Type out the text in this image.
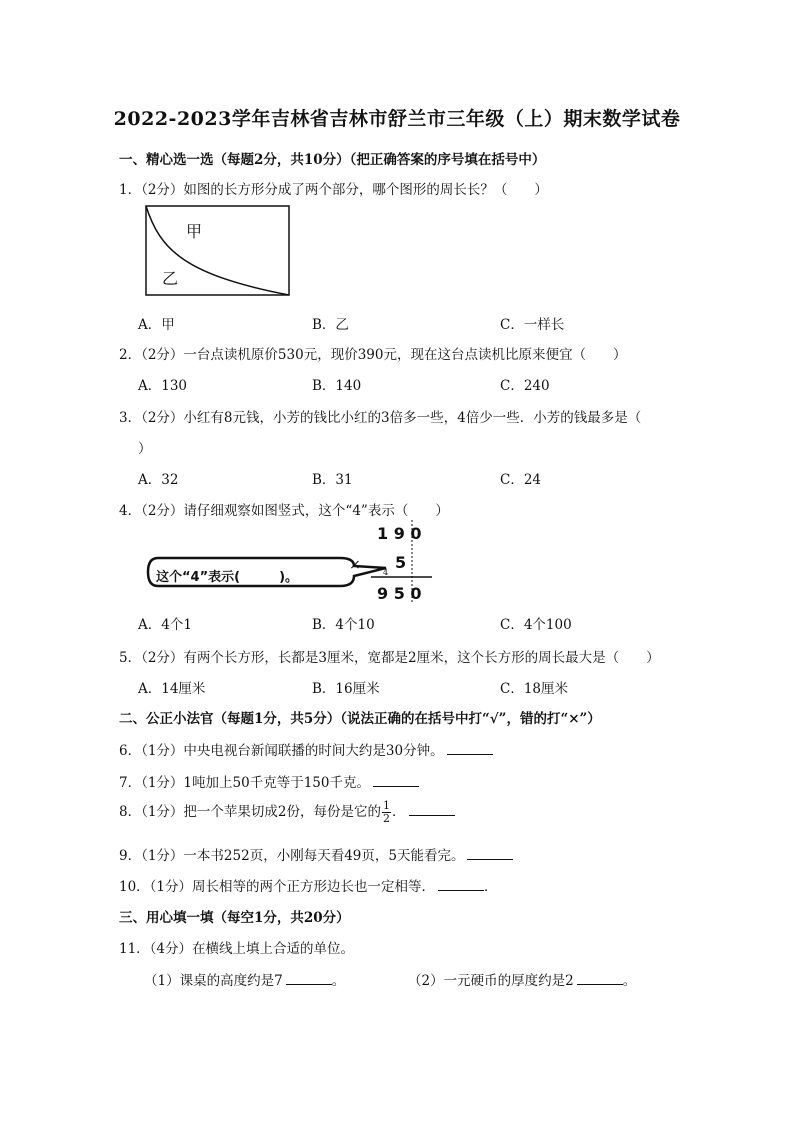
2022-2023学年吉林省吉林市舒兰市三年级（上）期末数学试卷
一、精心选一选（每题2分，共10分）（把正确答案的序号填在括号中）
1．（2分）如图的长方形分成了两个部分，哪个图形的周长长？（　　）
甲
乙
A．甲	B．乙	C．一样长
2．（2分）一台点读机原价530元，现价390元，现在这台点读机比原来便宜（　　）
A．130	B．140	C．240
3．（2分）小红有8元钱，小芳的钱比小红的3倍多一些，4倍少一些．小芳的钱最多是（
）
A．32	B．31	C．24
4．（2分）请仔细观察如图竖式，这个“4”表示（　　）
这个“4”表示(　　　)。
1 9 0
×	4
5
9 5 0
A．4个1	B．4个10	C．4个100
5．（2分）有两个长方形，长都是3厘米，宽都是2厘米，这个长方形的周长最大是（　　）
A．14厘米	B．16厘米	C．18厘米
二、公正小法官（每题1分，共5分）（说法正确的在括号中打“√”，错的打“×”）
6．（1分）中央电视台新闻联播的时间大约是30分钟。
7．（1分）1吨加上50千克等于150千克。
8．（1分）把一个苹果切成2份，每份是它的 $\frac{1}{2}$ ．
9．（1分）一本书252页，小刚每天看49页，5天能看完。
10．（1分）周长相等的两个正方形边长也一定相等．	．
三、用心填一填（每空1分，共20分）
11．（4分）在横线上填上合适的单位。
（1）课桌的高度约是7	。	（2）一元硬币的厚度约是2	。
